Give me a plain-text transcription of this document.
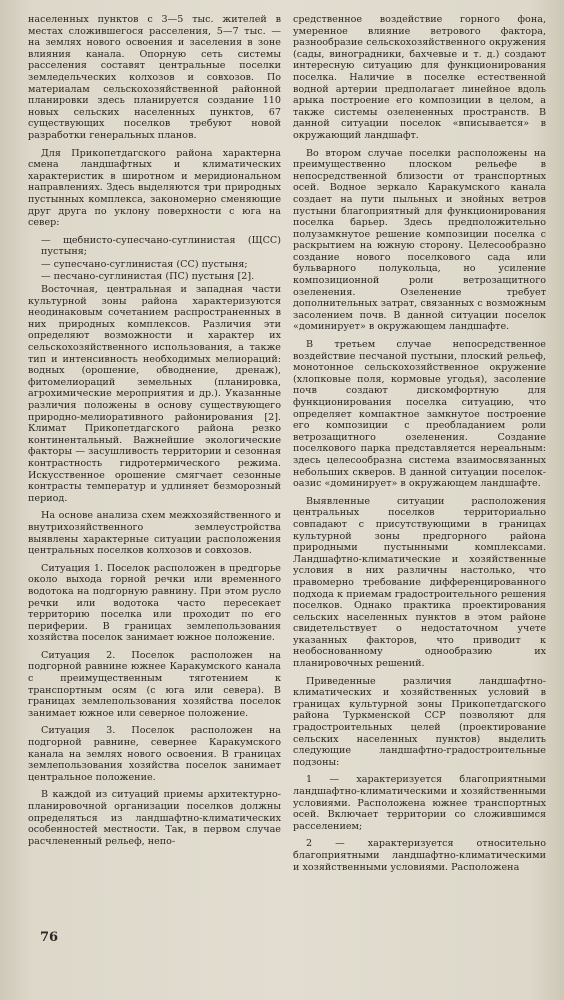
населенных пунктов с 3—5 тыс. жителей в местах сложившегося расселения, 5—7 тыс. — на землях нового освоения и заселения в зоне влияния канала. Опорную сеть системы расселения составят центральные поселки земледельческих колхозов и совхозов. По материалам сельскохозяйственной районной планировки здесь планируется создание 110 новых сельских населенных пунктов, 67 существующих поселков требуют новой разработки генеральных планов.

Для Прикопетдагского района характерна смена ландшафтных и климатических характеристик в широтном и меридиональном направлениях. Здесь выделяются три природных пустынных комплекса, закономерно сменяющие друг друга по уклону поверхности с юга на север:

— щебнисто-супесчано-суглинистая (ЩСС) пустыня;

— супесчано-суглинистая (СС) пустыня;

— песчано-суглинистая (ПС) пустыня [2].

Восточная, центральная и западная части культурной зоны района характеризуются неодинаковым сочетанием распространенных в них природных комплексов. Различия эти определяют возможности и характер их сельскохозяйственного использования, а также тип и интенсивность необходимых мелиораций: водных (орошение, обводнение, дренаж), фитомелиораций земельных (планировка, агрохимические мероприятия и др.). Указанные различия положены в основу существующего природно-мелиоративного районирования [2]. Климат Прикопетдагского района резко континентальный. Важнейшие экологические факторы — засушливость территории и сезонная контрастность гидротермического режима. Искусственное орошение смягчает сезонные контрасты температур и удлиняет безморозный период.

На основе анализа схем межхозяйственного и внутрихозяйственного землеустройства выявлены характерные ситуации расположения центральных поселков колхозов и совхозов.

Ситуация 1. Поселок расположен в предгорье около выхода горной речки или временного водотока на подгорную равнину. При этом русло речки или водотока часто пересекает территорию поселка или проходит по его периферии. В границах землепользования хозяйства поселок занимает южное положение.

Ситуация 2. Поселок расположен на подгорной равнине южнее Каракумского канала с преимущественным тяготением к транспортным осям (с юга или севера). В границах землепользования хозяйства поселок занимает южное или северное положение.

Ситуация 3. Поселок расположен на подгорной равнине, севернее Каракумского канала на землях нового освоения. В границах землепользования хозяйства поселок занимает центральное положение.

В каждой из ситуаций приемы архитектурно-планировочной организации поселков должны определяться из ландшафтно-климатических особенностей местности. Так, в первом случае расчлененный рельеф, непо-

средственное воздействие горного фона, умеренное влияние ветрового фактора, разнообразие сельскохозяйственного окружения (сады, виноградники, бахчевые и т. д.) создают интересную ситуацию для функционирования поселка. Наличие в поселке естественной водной артерии предполагает линейное вдоль арыка построение его композиции в целом, а также системы озелененных пространств. В данной ситуации поселок «вписывается» в окружающий ландшафт.

Во втором случае поселки расположены на преимущественно плоском рельефе в непосредственной близости от транспортных осей. Водное зеркало Каракумского канала создает на пути пыльных и знойных ветров пустыни благоприятный для функционирования поселка барьер. Здесь предположительно полузамкнутое решение композиции поселка с раскрытием на южную сторону. Целесообразно создание нового поселкового сада или бульварного полукольца, но усиление композиционной роли ветрозащитного озеленения. Озеленение требует дополнительных затрат, связанных с возможным засолением почв. В данной ситуации поселок «доминирует» в окружающем ландшафте.

В третьем случае непосредственное воздействие песчаной пустыни, плоский рельеф, монотонное сельскохозяйственное окружение (хлопковые поля, кормовые угодья), засоление почв создают дискомфортную для функционирования поселка ситуацию, что определяет компактное замкнутое построение его композиции с преобладанием роли ветрозащитного озеленения. Создание поселкового парка представляется нереальным: здесь целесообразна система взаимосвязанных небольших скверов. В данной ситуации поселок-оазис «доминирует» в окружающем ландшафте.

Выявленные ситуации расположения центральных поселков территориально совпадают с присутствующими в границах культурной зоны предгорного района природными пустынными комплексами. Ландшафтно-климатические и хозяйственные условия в них различны настолько, что правомерно требование дифференцированного подхода к приемам градостроительного решения поселков. Однако практика проектирования сельских населенных пунктов в этом районе свидетельствует о недостаточном учете указанных факторов, что приводит к необоснованному однообразию их планировочных решений.

Приведенные различия ландшафтно-климатических и хозяйственных условий в границах культурной зоны Прикопетдагского района Туркменской ССР позволяют для градостроительных целей (проектирование сельских населенных пунктов) выделить следующие ландшафтно-градостроительные подзоны:

1 — характеризуется благоприятными ландшафтно-климатическими и хозяйственными условиями. Расположена южнее транспортных осей. Включает территории со сложившимся расселением;

2 — характеризуется относительно благоприятными ландшафтно-климатическими и хозяйственными условиями. Расположена

76
